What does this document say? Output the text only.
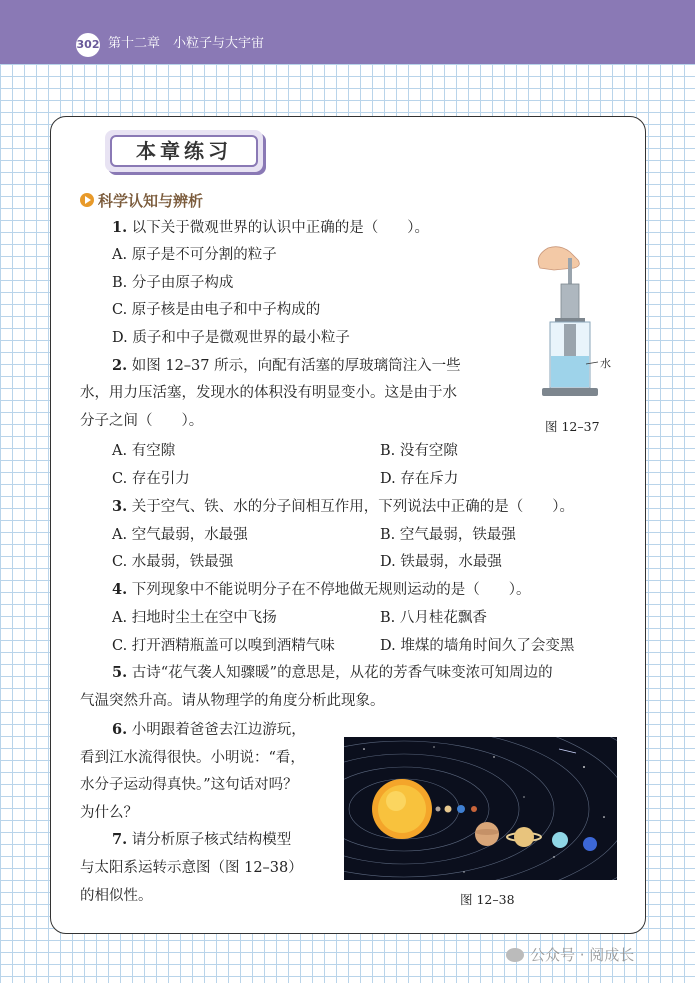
302 第十二章　小粒子与大宇宙
本章练习
科学认知与辨析
1. 以下关于微观世界的认识中正确的是（　　）。
A. 原子是不可分割的粒子
B. 分子由原子构成
C. 原子核是由电子和中子构成的
D. 质子和中子是微观世界的最小粒子
2. 如图 12–37 所示，向配有活塞的厚玻璃筒注入一些
水，用力压活塞，发现水的体积没有明显变小。这是由于水
分子之间（　　）。
A. 有空隙	B. 没有空隙
C. 存在引力	D. 存在斥力
水
图 12–37
3. 关于空气、铁、水的分子间相互作用，下列说法中正确的是（　　）。
A. 空气最弱，水最强	B. 空气最弱，铁最强
C. 水最弱，铁最强	D. 铁最弱，水最强
4. 下列现象中不能说明分子在不停地做无规则运动的是（　　）。
A. 扫地时尘土在空中飞扬	B. 八月桂花飘香
C. 打开酒精瓶盖可以嗅到酒精气味	D. 堆煤的墙角时间久了会变黑
5. 古诗“花气袭人知骤暖”的意思是，从花的芳香气味变浓可知周边的
气温突然升高。请从物理学的角度分析此现象。
6. 小明跟着爸爸去江边游玩，
看到江水流得很快。小明说：“看，
水分子运动得真快。”这句话对吗？
为什么？
7. 请分析原子核式结构模型
与太阳系运转示意图（图 12–38）
的相似性。	图 12–38
公众号 · 阅成长
